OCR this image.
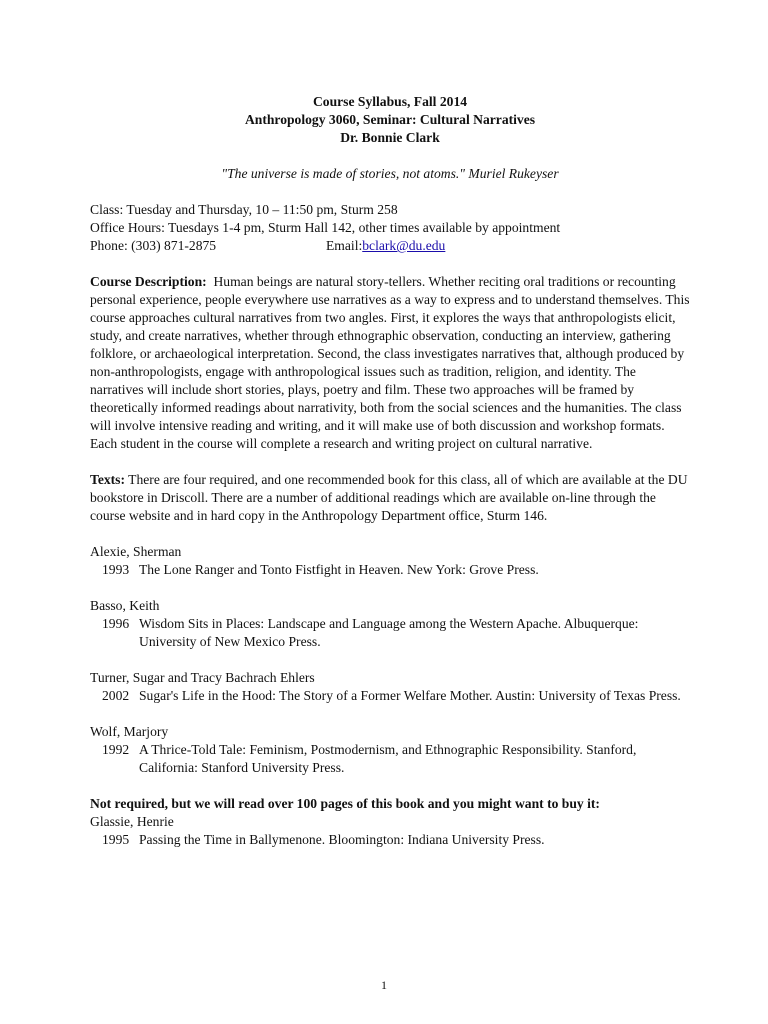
Course Syllabus, Fall 2014
Anthropology 3060, Seminar: Cultural Narratives
Dr. Bonnie Clark
"The universe is made of stories, not atoms." Muriel Rukeyser
Class: Tuesday and Thursday, 10 – 11:50 pm, Sturm 258
Office Hours: Tuesdays 1-4 pm, Sturm Hall 142, other times available by appointment
Phone: (303) 871-2875	Email: bclark@du.edu

Course Description: Human beings are natural story-tellers. Whether reciting oral traditions or recounting personal experience, people everywhere use narratives as a way to express and to understand themselves. This course approaches cultural narratives from two angles. First, it explores the ways that anthropologists elicit, study, and create narratives, whether through ethnographic observation, conducting an interview, gathering folklore, or archaeological interpretation. Second, the class investigates narratives that, although produced by non-anthropologists, engage with anthropological issues such as tradition, religion, and identity. The narratives will include short stories, plays, poetry and film. These two approaches will be framed by theoretically informed readings about narrativity, both from the social sciences and the humanities. The class will involve intensive reading and writing, and it will make use of both discussion and workshop formats. Each student in the course will complete a research and writing project on cultural narrative.

Texts: There are four required, and one recommended book for this class, all of which are available at the DU bookstore in Driscoll. There are a number of additional readings which are available on-line through the course website and in hard copy in the Anthropology Department office, Sturm 146.

Alexie, Sherman
1993 The Lone Ranger and Tonto Fistfight in Heaven. New York: Grove Press.
Basso, Keith
1996 Wisdom Sits in Places: Landscape and Language among the Western Apache. Albuquerque: University of New Mexico Press.
Turner, Sugar and Tracy Bachrach Ehlers
2002 Sugar's Life in the Hood: The Story of a Former Welfare Mother. Austin: University of Texas Press.
Wolf, Marjory
1992 A Thrice-Told Tale: Feminism, Postmodernism, and Ethnographic Responsibility. Stanford, California: Stanford University Press.
Not required, but we will read over 100 pages of this book and you might want to buy it:
Glassie, Henrie
1995 Passing the Time in Ballymenone. Bloomington: Indiana University Press.
1
